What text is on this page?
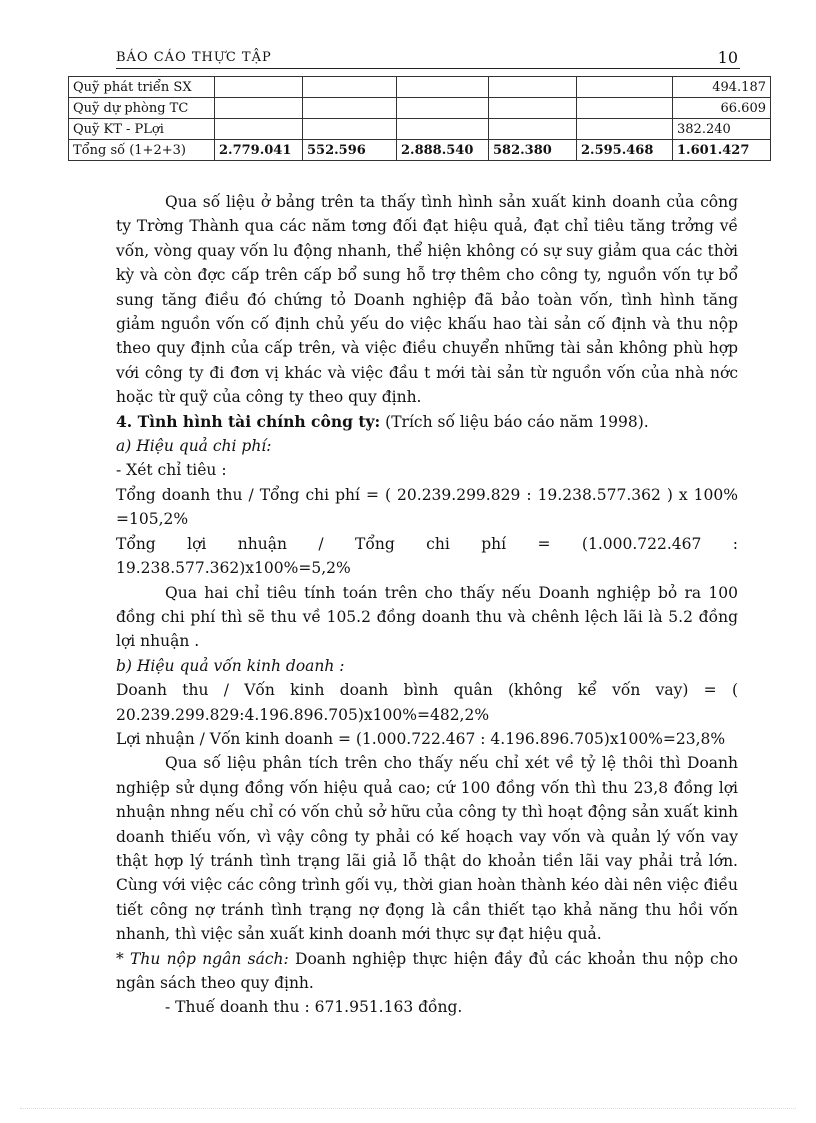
BÁO CÁO THỰC TẬP	10
Quỹ phát triển SX						494.187
Quỹ dự phòng TC						66.609
Quỹ KT - PLợi						382.240
Tổng số (1+2+3)	2.779.041	552.596	2.888.540	582.380	2.595.468	1.601.427

Qua số liệu ở bảng trên ta thấy tình hình sản xuất kinh doanh của công ty Trờng Thành qua các năm tơng đối đạt hiệu quả, đạt chỉ tiêu tăng trởng về vốn, vòng quay vốn lu động nhanh, thể hiện không có sự suy giảm qua các thời kỳ và còn đợc cấp trên cấp bổ sung hỗ trợ thêm cho công ty, nguồn vốn tự bổ sung tăng điều đó chứng tỏ Doanh nghiệp đã bảo toàn vốn, tình hình tăng giảm nguồn vốn cố định chủ yếu do việc khấu hao tài sản cố định và thu nộp theo quy định của cấp trên, và việc điều chuyển những tài sản không phù hợp với công ty đi đơn vị khác và việc đầu t mới tài sản từ nguồn vốn của nhà nớc hoặc từ quỹ của công ty theo quy định.

4. Tình hình tài chính công ty: (Trích số liệu báo cáo năm 1998).

a) Hiệu quả chi phí:

- Xét chỉ tiêu :

Tổng doanh thu / Tổng chi phí = ( 20.239.299.829 : 19.238.577.362 ) x 100% =105,2%

Tổng lợi nhuận / Tổng chi phí = (1.000.722.467 : 19.238.577.362)x100%=5,2%

Qua hai chỉ tiêu tính toán trên cho thấy nếu Doanh nghiệp bỏ ra 100 đồng chi phí thì sẽ thu về 105.2 đồng doanh thu và chênh lệch lãi là 5.2 đồng lợi nhuận .

b) Hiệu quả vốn kinh doanh :

Doanh thu / Vốn kinh doanh bình quân (không kể vốn vay) = ( 20.239.299.829:4.196.896.705)x100%=482,2%

Lợi nhuận / Vốn kinh doanh = (1.000.722.467 : 4.196.896.705)x100%=23,8%

Qua số liệu phân tích trên cho thấy nếu chỉ xét về tỷ lệ thôi thì Doanh nghiệp sử dụng đồng vốn hiệu quả cao; cứ 100 đồng vốn thì thu 23,8 đồng lợi nhuận nhng nếu chỉ có vốn chủ sở hữu của công ty thì hoạt động sản xuất kinh doanh thiếu vốn, vì vậy công ty phải có kế hoạch vay vốn và quản lý vốn vay thật hợp lý tránh tình trạng lãi giả lỗ thật do khoản tiền lãi vay phải trả lớn. Cùng với việc các công trình gối vụ, thời gian hoàn thành kéo dài nên việc điều tiết công nợ tránh tình trạng nợ đọng là cần thiết tạo khả năng thu hồi vốn nhanh, thì việc sản xuất kinh doanh mới thực sự đạt hiệu quả.

* Thu nộp ngân sách: Doanh nghiệp thực hiện đầy đủ các khoản thu nộp cho ngân sách theo quy định.

- Thuế doanh thu : 671.951.163 đồng.
